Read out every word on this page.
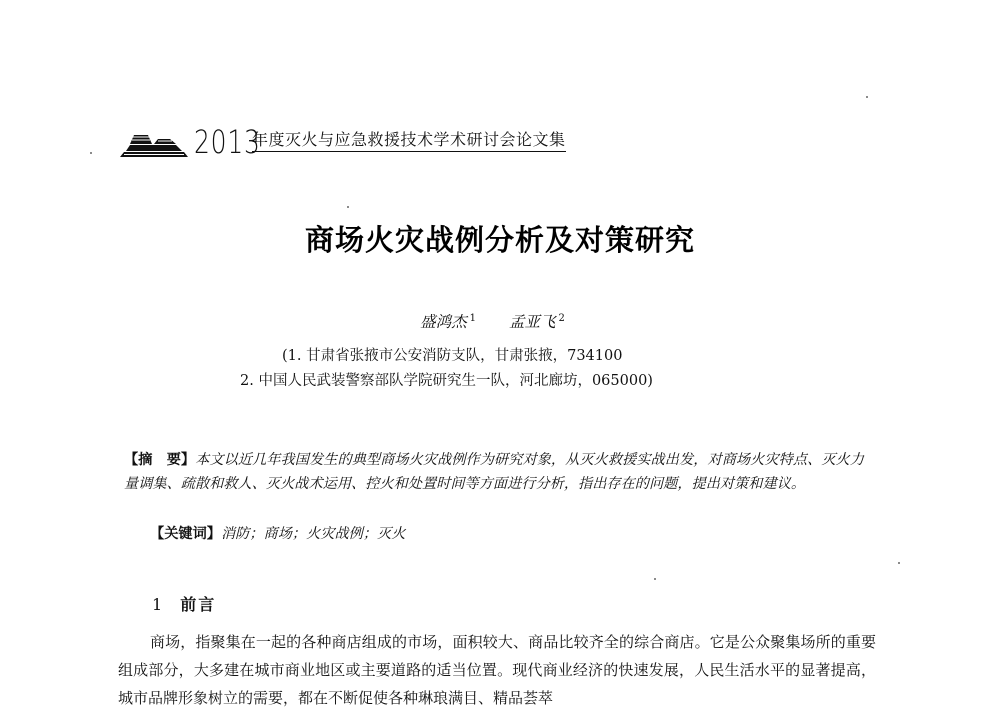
2013
年度灭火与应急救援技术学术研讨会论文集
商场火灾战例分析及对策研究
盛鸿杰 $^1$ 孟亚飞 $^2$
(1. 甘肃省张掖市公安消防支队，甘肃张掖，734100
2. 中国人民武装警察部队学院研究生一队，河北廊坊，065000)
【摘　要】本文以近几年我国发生的典型商场火灾战例作为研究对象，从灭火救援实战出发，对商场火灾特点、灭火力量调集、疏散和救人、灭火战术运用、控火和处置时间等方面进行分析，指出存在的问题，提出对策和建议。
【关键词】消防；商场；火灾战例；灭火
1 前言

商场，指聚集在一起的各种商店组成的市场，面积较大、商品比较齐全的综合商店。它是公众聚集场所的重要组成部分，大多建在城市商业地区或主要道路的适当位置。现代商业经济的快速发展，人民生活水平的显著提高，城市品牌形象树立的需要，都在不断促使各种琳琅满目、精品荟萃
